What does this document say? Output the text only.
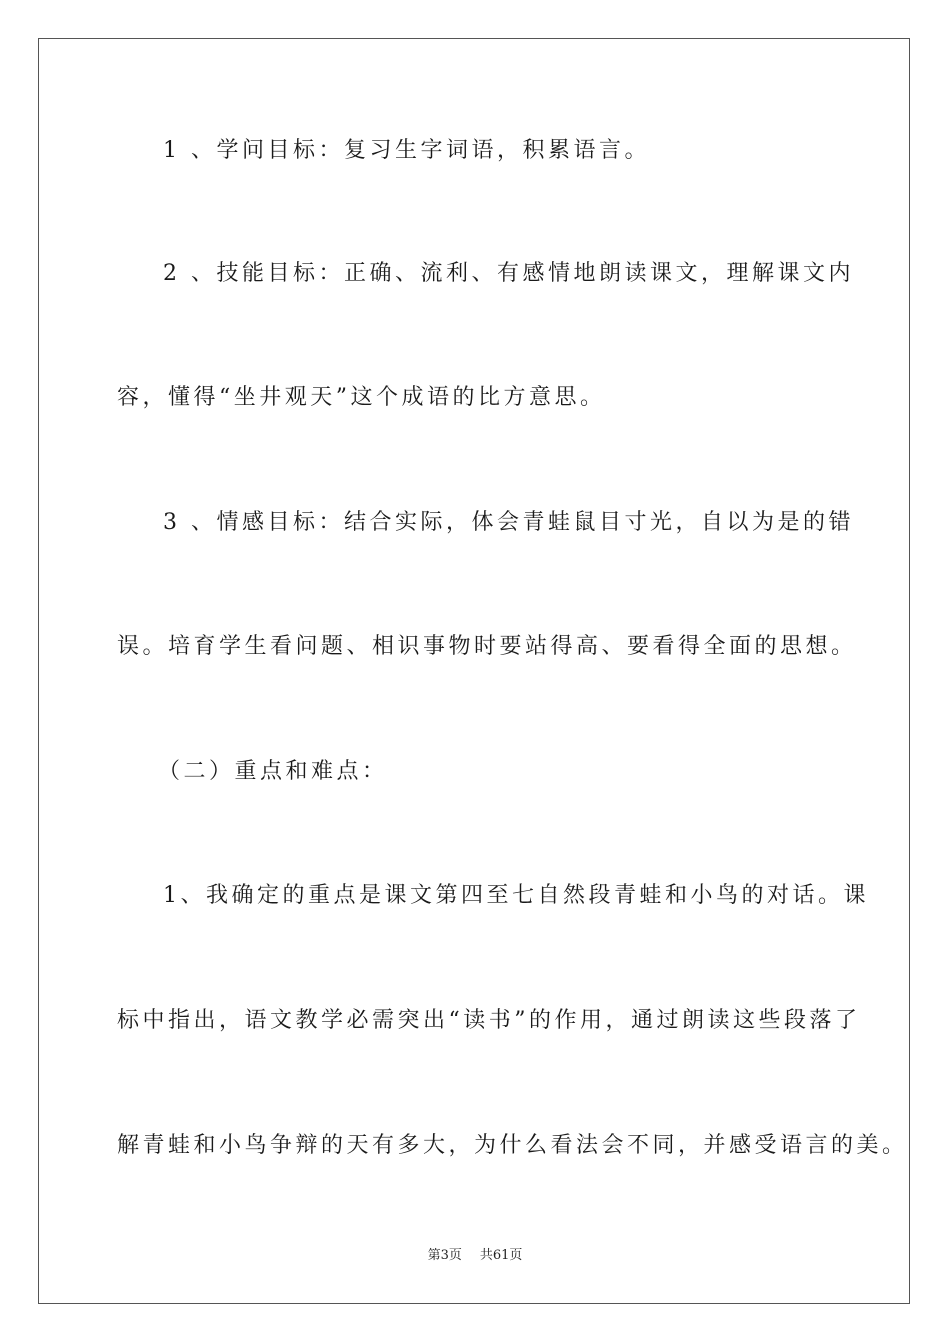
1 、学问目标：复习生字词语，积累语言。
2 、技能目标：正确、流利、有感情地朗读课文，理解课文内
容，懂得“坐井观天”这个成语的比方意思。
3 、情感目标：结合实际，体会青蛙鼠目寸光，自以为是的错
误。培育学生看问题、相识事物时要站得高、要看得全面的思想。
（二）重点和难点：
1、我确定的重点是课文第四至七自然段青蛙和小鸟的对话。课
标中指出，语文教学必需突出“读书”的作用，通过朗读这些段落了
解青蛙和小鸟争辩的天有多大，为什么看法会不同，并感受语言的美。
第3页 共61页
